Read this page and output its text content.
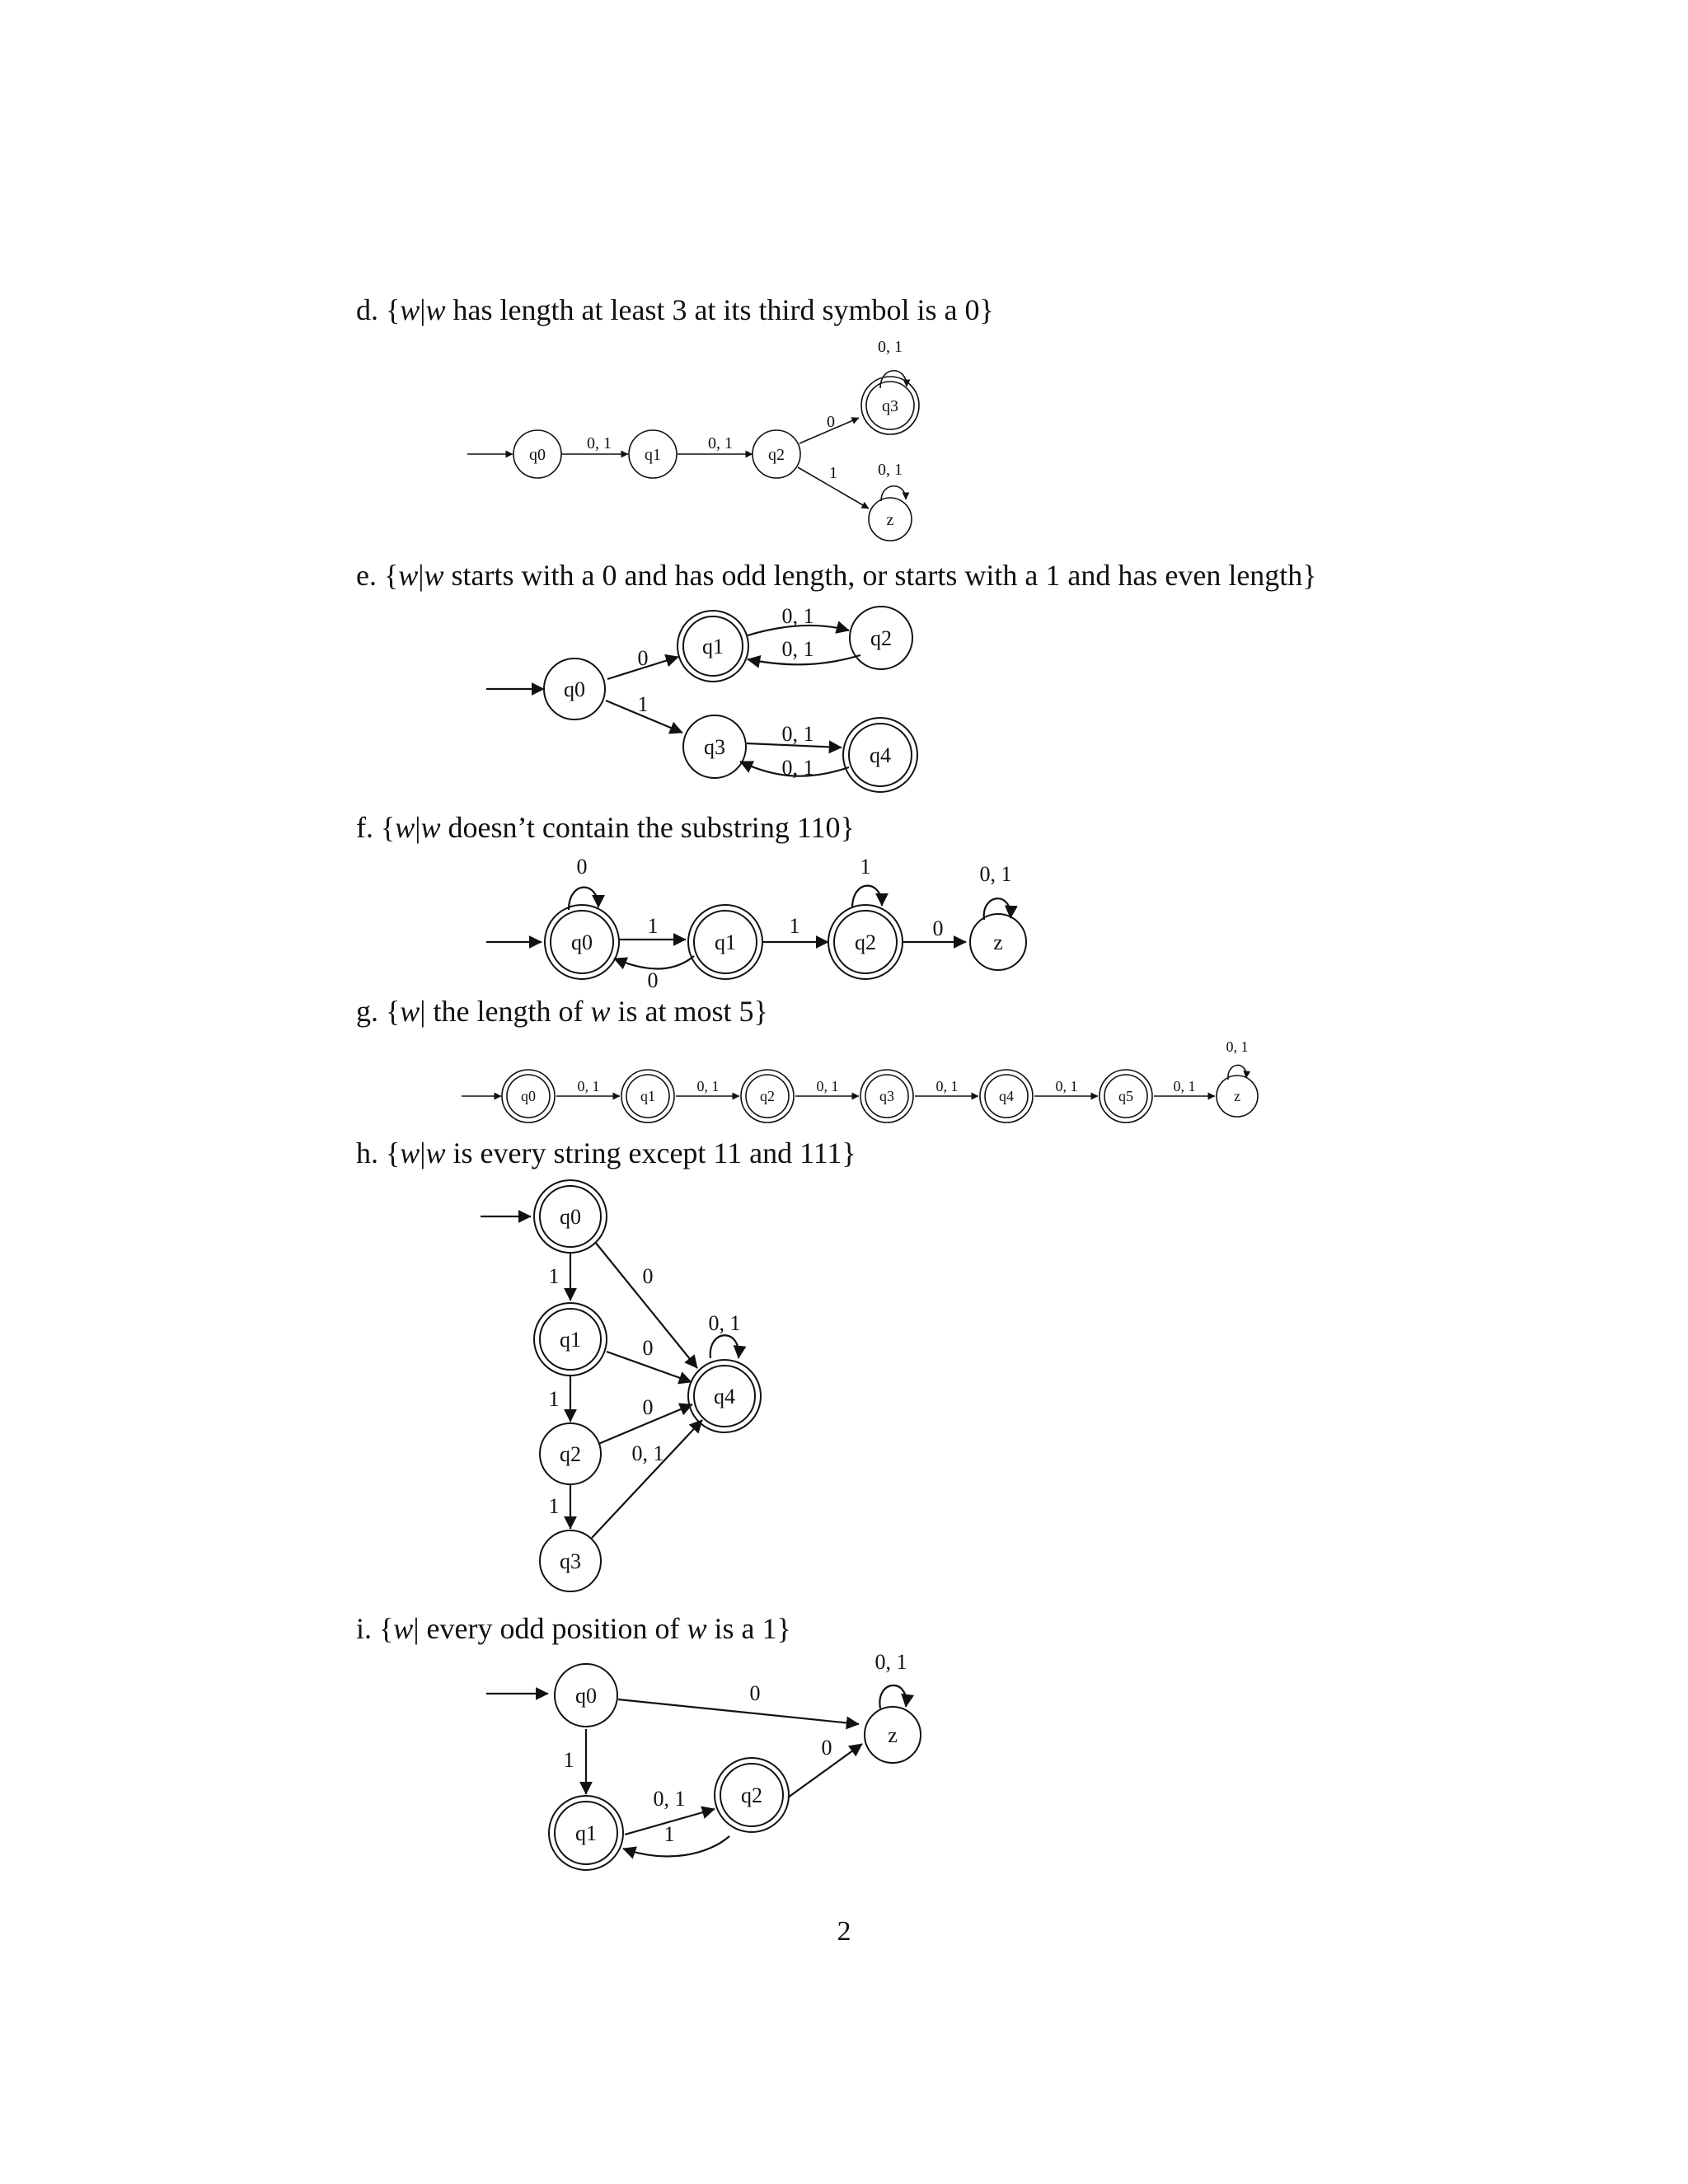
d. {w|w has length at least 3 at its third symbol is a 0}
q0	q1	q2
q3
z
0, 1	0, 1
0
1
0, 1
0, 1
e. {w|w starts with a 0 and has odd length, or starts with a 1 and has even length}
q0
q1	q2
q3	q4
0
1
0, 1
0, 1
0, 1
0, 1
f. {w|w doesn’t contain the substring 110}
q0	q1	q2	z
0
1
0
1
1
0
0, 1
g. {w| the length of w is at most 5}
q0	q1	q2	q3	q4	q5	z
0, 1	0, 1	0, 1	0, 1	0, 1	0, 1
0, 1
h. {w|w is every string except 11 and 111}
q0
q1
q2
q3
q4
1	0
1
0
1
0
0, 1
0, 1
i. {w| every odd position of w is a 1}
q0
q1
q2
z
1
0
0, 1
1
0
0, 1
2
